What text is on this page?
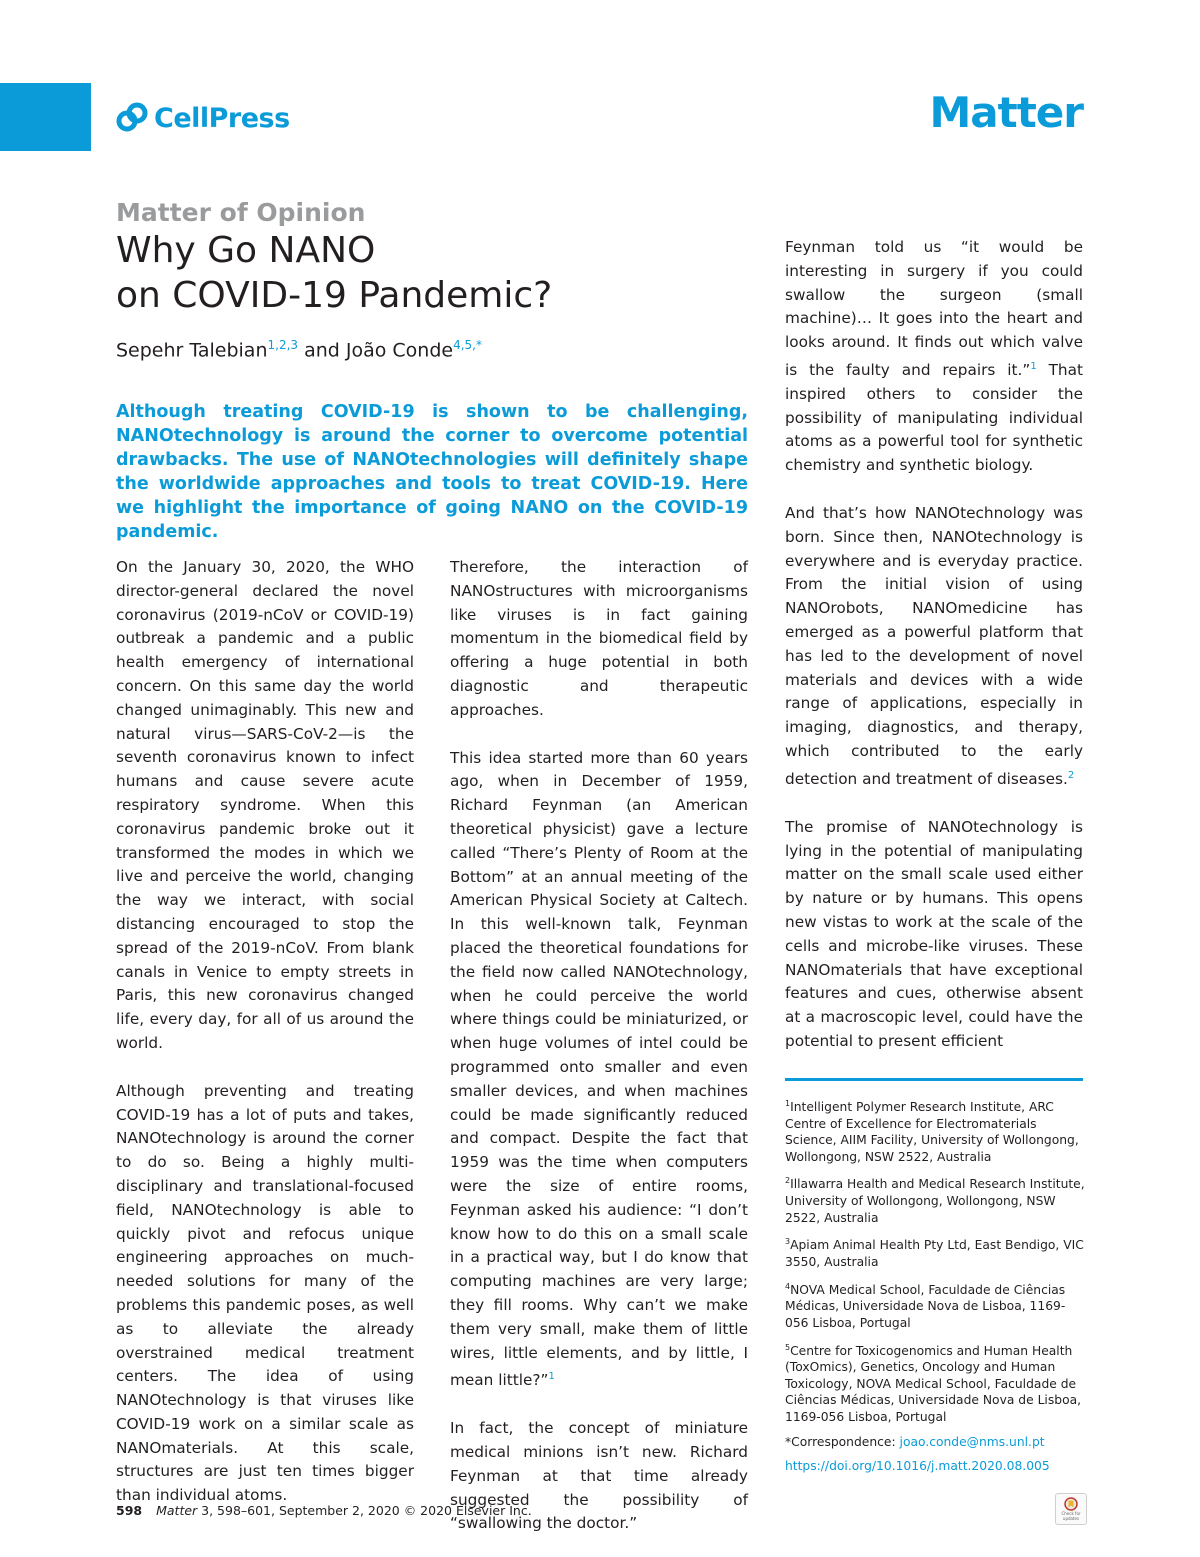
CellPress	Matter
Matter of Opinion
Why Go NANO
on COVID-19 Pandemic?
Sepehr Talebian$^{1,2,3}$ and João Conde$^{4,5,*}$

Although treating COVID-19 is shown to be challenging, NANOtechnology is around the corner to overcome potential drawbacks. The use of NANOtechnologies will definitely shape the worldwide approaches and tools to treat COVID-19. Here we highlight the importance of going NANO on the COVID-19 pandemic.

On the January 30, 2020, the WHO director-general declared the novel coronavirus (2019-nCoV or COVID-19) outbreak a pandemic and a public health emergency of international concern. On this same day the world changed unimaginably. This new and natural virus—SARS-CoV-2—is the seventh coronavirus known to infect humans and cause severe acute respiratory syndrome. When this coronavirus pandemic broke out it transformed the modes in which we live and perceive the world, changing the way we interact, with social distancing encouraged to stop the spread of the 2019-nCoV. From blank canals in Venice to empty streets in Paris, this new coronavirus changed life, every day, for all of us around the world.

Although preventing and treating COVID-19 has a lot of puts and takes, NANOtechnology is around the corner to do so. Being a highly multi-disciplinary and translational-focused field, NANOtechnology is able to quickly pivot and refocus unique engineering approaches on much-needed solutions for many of the problems this pandemic poses, as well as to alleviate the already overstrained medical treatment centers. The idea of using NANOtechnology is that viruses like COVID-19 work on a similar scale as NANOmaterials. At this scale, structures are just ten times bigger than individual atoms.

Therefore, the interaction of NANOstructures with microorganisms like viruses is in fact gaining momentum in the biomedical field by offering a huge potential in both diagnostic and therapeutic approaches.

This idea started more than 60 years ago, when in December of 1959, Richard Feynman (an American theoretical physicist) gave a lecture called “There’s Plenty of Room at the Bottom” at an annual meeting of the American Physical Society at Caltech. In this well-known talk, Feynman placed the theoretical foundations for the field now called NANOtechnology, when he could perceive the world where things could be miniaturized, or when huge volumes of intel could be programmed onto smaller and even smaller devices, and when machines could be made significantly reduced and compact. Despite the fact that 1959 was the time when computers were the size of entire rooms, Feynman asked his audience: “I don’t know how to do this on a small scale in a practical way, but I do know that computing machines are very large; they fill rooms. Why can’t we make them very small, make them of little wires, little elements, and by little, I mean little?”$^1$

In fact, the concept of miniature medical minions isn’t new. Richard Feynman at that time already suggested the possibility of “swallowing the doctor.”

Feynman told us “it would be interesting in surgery if you could swallow the surgeon (small machine)… It goes into the heart and looks around. It finds out which valve is the faulty and repairs it.”$^1$ That inspired others to consider the possibility of manipulating individual atoms as a powerful tool for synthetic chemistry and synthetic biology.

And that’s how NANOtechnology was born. Since then, NANOtechnology is everywhere and is everyday practice. From the initial vision of using NANOrobots, NANOmedicine has emerged as a powerful platform that has led to the development of novel materials and devices with a wide range of applications, especially in imaging, diagnostics, and therapy, which contributed to the early detection and treatment of diseases.$^2$

The promise of NANOtechnology is lying in the potential of manipulating matter on the small scale used either by nature or by humans. This opens new vistas to work at the scale of the cells and microbe-like viruses. These NANOmaterials that have exceptional features and cues, otherwise absent at a macroscopic level, could have the potential to present efficient

$^1$Intelligent Polymer Research Institute, ARC Centre of Excellence for Electromaterials Science, AIIM Facility, University of Wollongong, Wollongong, NSW 2522, Australia

$^2$Illawarra Health and Medical Research Institute, University of Wollongong, Wollongong, NSW 2522, Australia

$^3$Apiam Animal Health Pty Ltd, East Bendigo, VIC 3550, Australia

$^4$NOVA Medical School, Faculdade de Ciências Médicas, Universidade Nova de Lisboa, 1169-056 Lisboa, Portugal

$^5$Centre for Toxicogenomics and Human Health (ToxOmics), Genetics, Oncology and Human Toxicology, NOVA Medical School, Faculdade de Ciências Médicas, Universidade Nova de Lisboa, 1169-056 Lisboa, Portugal

*Correspondence: joao.conde@nms.unl.pt

https://doi.org/10.1016/j.matt.2020.08.005

598 Matter 3, 598–601, September 2, 2020 © 2020 Elsevier Inc.	Check for updates
